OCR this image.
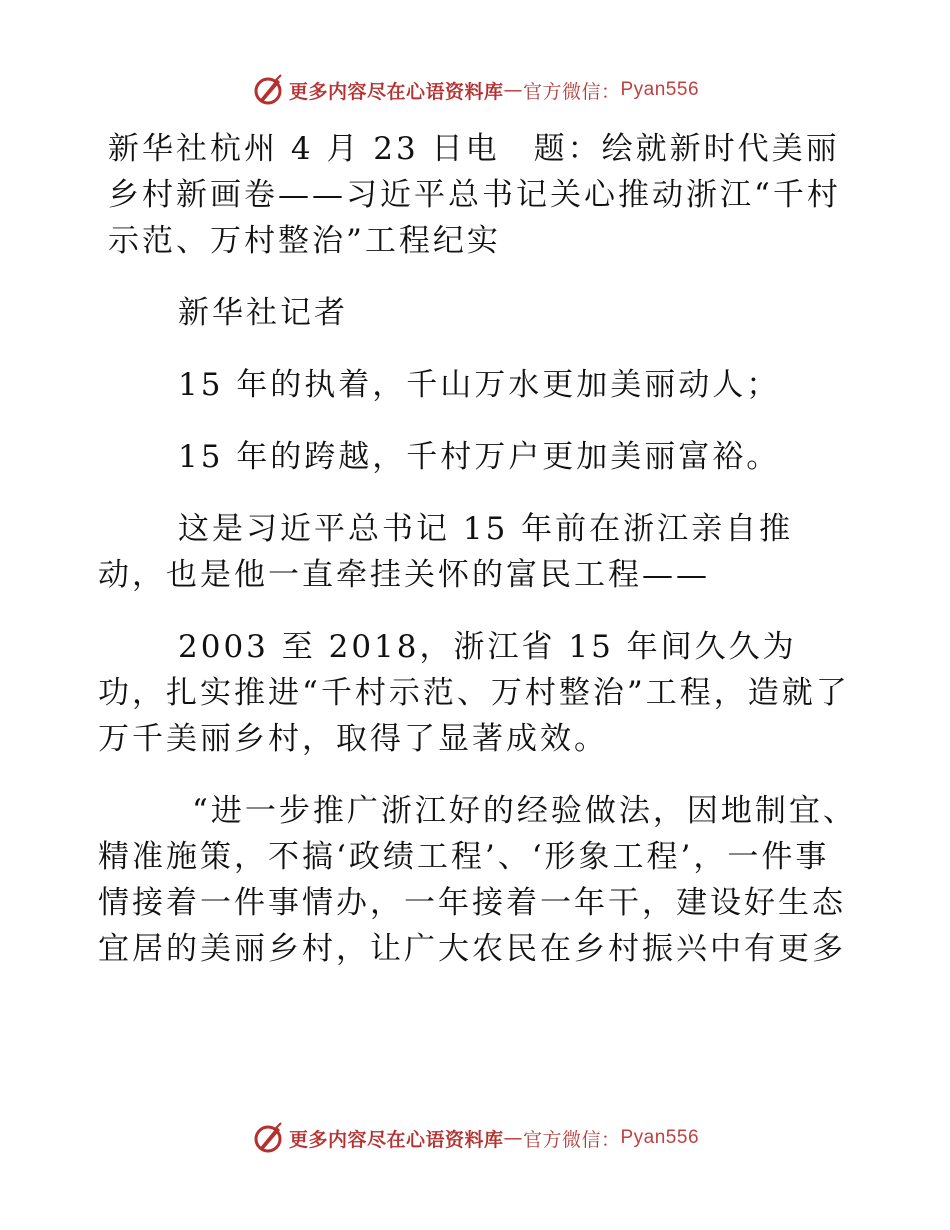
更多内容尽在心语资料库 — 官方微信： Pyan556

新华社杭州 4 月 23 日电　题：绘就新时代美丽乡村新画卷——习近平总书记关心推动浙江“千村示范、万村整治”工程纪实

新华社记者

15 年的执着，千山万水更加美丽动人；

15 年的跨越，千村万户更加美丽富裕。

这是习近平总书记 15 年前在浙江亲自推动，也是他一直牵挂关怀的富民工程——

2003 至 2018，浙江省 15 年间久久为功，扎实推进“千村示范、万村整治”工程，造就了万千美丽乡村，取得了显著成效。

“进一步推广浙江好的经验做法，因地制宜、精准施策，不搞‘政绩工程’、‘形象工程’，一件事情接着一件事情办，一年接着一年干，建设好生态宜居的美丽乡村，让广大农民在乡村振兴中有更多

更多内容尽在心语资料库 — 官方微信： Pyan556
